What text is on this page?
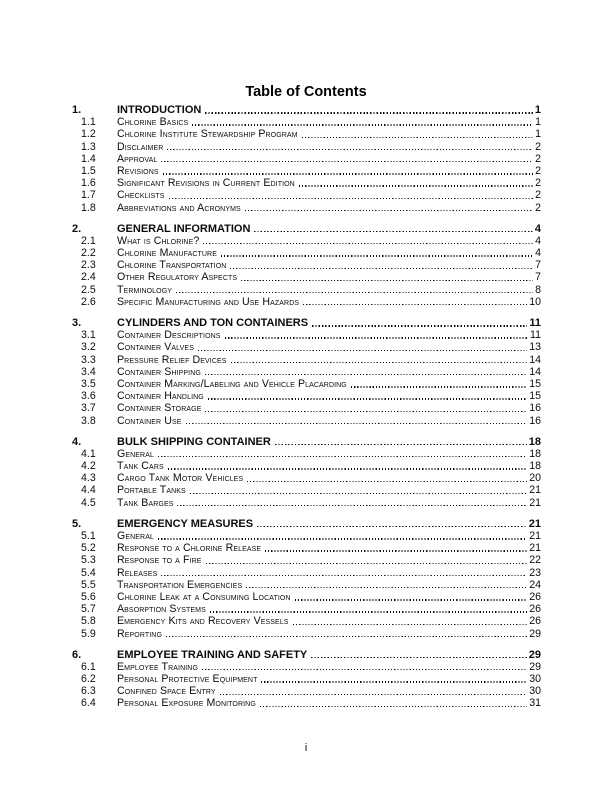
Table of Contents
1.	INTRODUCTION	1
1.1	Chlorine Basics	1
1.2	Chlorine Institute Stewardship Program	1
1.3	Disclaimer	2
1.4	Approval	2
1.5	Revisions	2
1.6	Significant Revisions in Current Edition	2
1.7	Checklists	2
1.8	Abbreviations and Acronyms	2
2.	GENERAL INFORMATION	4
2.1	What is Chlorine?	4
2.2	Chlorine Manufacture	4
2.3	Chlorine Transportation	7
2.4	Other Regulatory Aspects	7
2.5	Terminology	8
2.6	Specific Manufacturing and Use Hazards	10
3.	CYLINDERS AND TON CONTAINERS	11
3.1	Container Descriptions	11
3.2	Container Valves	13
3.3	Pressure Relief Devices	14
3.4	Container Shipping	14
3.5	Container Marking/Labeling and Vehicle Placarding	15
3.6	Container Handling	15
3.7	Container Storage	16
3.8	Container Use	16
4.	BULK SHIPPING CONTAINER	18
4.1	General	18
4.2	Tank Cars	18
4.3	Cargo Tank Motor Vehicles	20
4.4	Portable Tanks	21
4.5	Tank Barges	21
5.	EMERGENCY MEASURES	21
5.1	General	21
5.2	Response to a Chlorine Release	21
5.3	Response to a Fire	22
5.4	Releases	23
5.5	Transportation Emergencies	24
5.6	Chlorine Leak at a Consuming Location	26
5.7	Absorption Systems	26
5.8	Emergency Kits and Recovery Vessels	26
5.9	Reporting	29
6.	EMPLOYEE TRAINING AND SAFETY	29
6.1	Employee Training	29
6.2	Personal Protective Equipment	30
6.3	Confined Space Entry	30
6.4	Personal Exposure Monitoring	31
i
